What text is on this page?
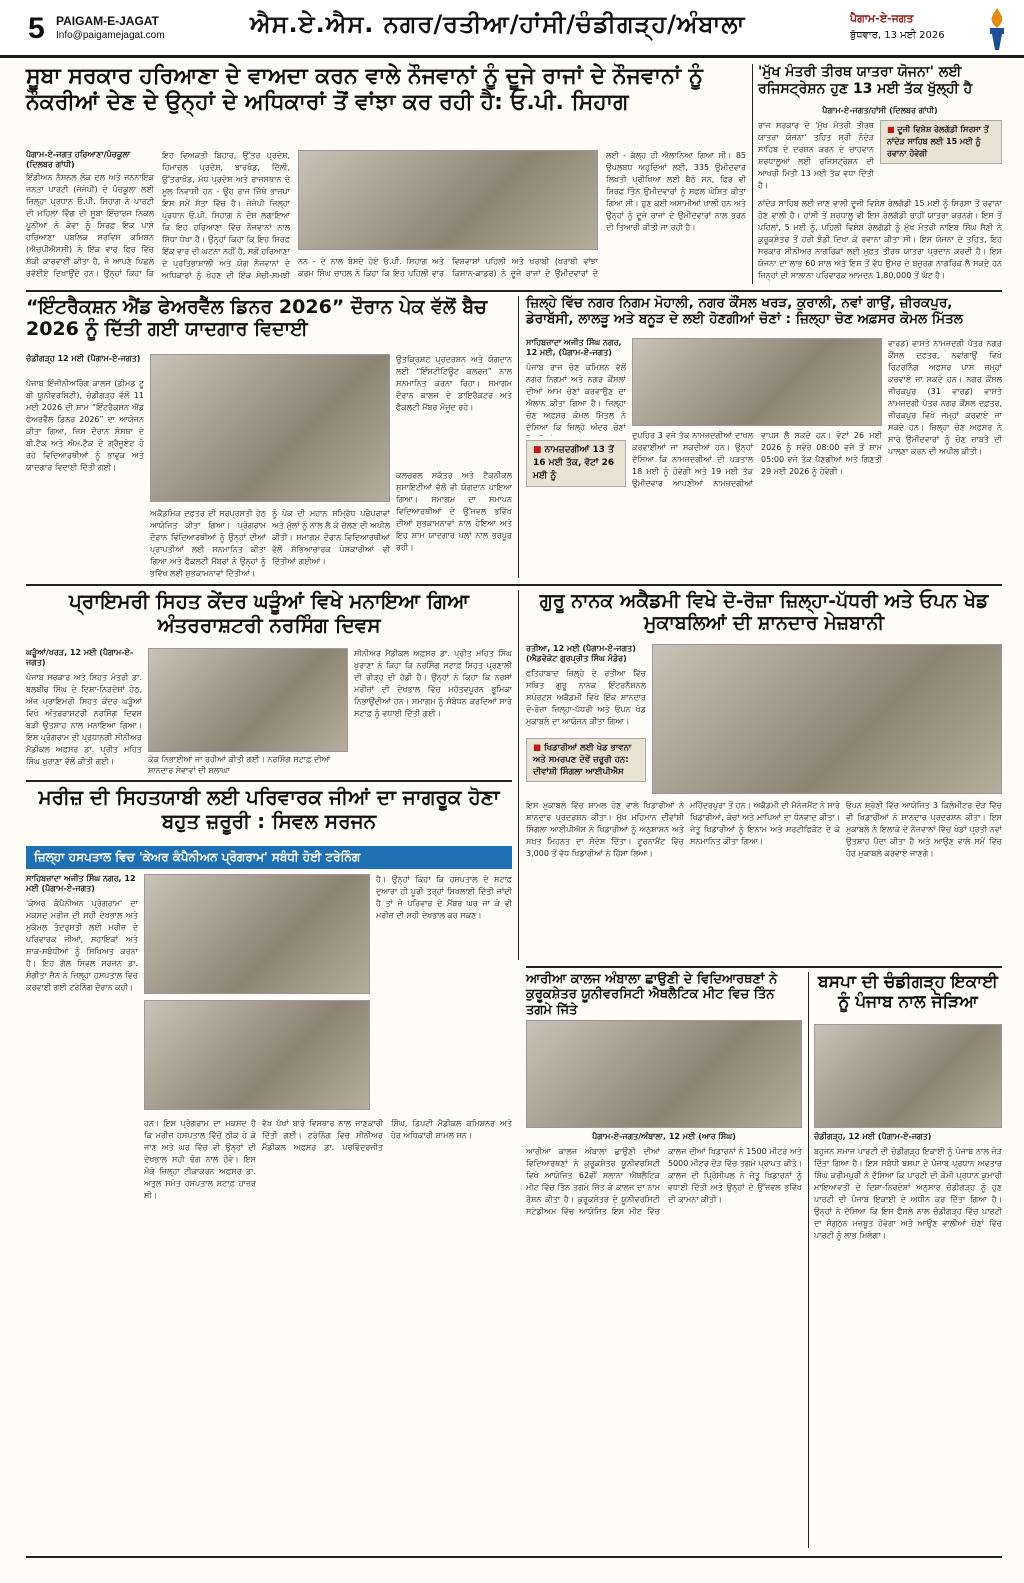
5 PAIGAM-E-JAGAT
Info@paigamejagat.com	ਐਸ.ਏ.ਐਸ. ਨਗਰ/ਰਤੀਆ/ਹਾਂਸੀ/ਚੰਡੀਗੜ੍ਹ/ਅੰਬਾਲਾ	ਪੈਗਾਮ-ਏ-ਜਗਤ
ਬੁੱਧਵਾਰ, 13 ਮਈ 2026
ਸੂਬਾ ਸਰਕਾਰ ਹਰਿਆਣਾ ਦੇ ਵਾਅਦਾ ਕਰਨ ਵਾਲੇ ਨੌਜਵਾਨਾਂ ਨੂੰ ਦੂਜੇ ਰਾਜਾਂ ਦੇ ਨੌਜਵਾਨਾਂ ਨੂੰ ਨੌਕਰੀਆਂ ਦੇਣ ਦੇ ਉਨ੍ਹਾਂ ਦੇ ਅਧਿਕਾਰਾਂ ਤੋਂ ਵਾਂਝਾ ਕਰ ਰਹੀ ਹੈ: ਓ.ਪੀ. ਸਿਹਾਗ
ਪੈਗਾਮ-ਏ-ਜਗਤ ਹਰਿਆਣਾ/ਪੰਚਕੂਲਾ (ਦਿਲਬਰ ਗਾਂਧੀ)
ਇੰਡੀਅਨ ਨੈਸ਼ਨਲ ਲੋਕ ਦਲ ਅਤੇ ਜਨਨਾਇਕ ਜਨਤਾ ਪਾਰਟੀ (ਜੇਜੇਪੀ) ਦੇ ਪੰਚਕੂਲਾ ਲਈ ਜ਼ਿਲ੍ਹਾ ਪ੍ਰਧਾਨ ਓ.ਪੀ. ਸਿਹਾਗ ਨੇ ਪਾਰਟੀ ਦੀ ਮਹਿਲਾ ਵਿੰਗ ਦੀ ਸੂਬਾ ਇੰਚਾਰਜ ਨਿਕਲ ਪੂਨੀਆ ਨੇ ਕੋਵਾ ਨੂੰ ਸਿਰਫ਼ ਇਕ ਪਾਸੇ ਹਰਿਆਣਾ ਪਬਲਿਕ ਸਰਵਿਸ ਕਮਿਸ਼ਨ (ਐਚਪੀਐਸਸੀ) ਨੇ ਇੱਕ ਵਾਰ ਫਿਰ ਵਿੱਚ ਸ਼ੱਕੀ ਕਾਰਵਾਈ ਕੀਤਾ ਹੈ, ਜੋ ਆਪਣੇ ਪਿਛਲੇ ਰਵੱਈਏ ਦਿਖਾਉਂਦੇ ਹਨ। ਉਨ੍ਹਾਂ ਕਿਹਾ ਕਿ
ਇਹ ਵਿਅਕਤੀ ਬਿਹਾਰ, ਉੱਤਰ ਪ੍ਰਦੇਸ਼, ਹਿਮਾਚਲ ਪ੍ਰਦੇਸ਼, ਝਾਰਖੰਡ, ਦਿੱਲੀ, ਉੱਤਰਾਖੰਡ, ਮੱਧ ਪ੍ਰਦੇਸ਼ ਅਤੇ ਰਾਜਸਥਾਨ ਦੇ ਮੂਲ ਨਿਵਾਸੀ ਹਨ - ਉਹ ਰਾਜ ਜਿੱਥੇ ਭਾਜਪਾ ਇਸ ਸਮੇਂ ਸੱਤਾ ਵਿੱਚ ਹੈ। ਜੇਜੇਪੀ ਜ਼ਿਲ੍ਹਾ ਪ੍ਰਧਾਨ ਓ.ਪੀ. ਸਿਹਾਗ ਨੇ ਦੋਸ਼ ਲਗਾਇਆ ਕਿ ਇਹ ਹਰਿਆਣਾ ਵਿੱਚ ਨੌਜਵਾਨਾਂ ਨਾਲ ਸਿੱਧਾ ਧੋਖਾ ਹੈ। ਉਨ੍ਹਾਂ ਕਿਹਾ ਕਿ ਇਹ ਸਿਰਫ਼ ਇੱਕ ਵਾਰ ਦੀ ਘਟਨਾ ਨਹੀਂ ਹੈ, ਸਗੋਂ ਹਰਿਆਣਾ ਦੇ ਪ੍ਰਤਿਭਾਸ਼ਾਲੀ ਅਤੇ ਯੋਗ ਨੌਜਵਾਨਾਂ ਦੇ ਅਧਿਕਾਰਾਂ ਨੂੰ ਖੋਹਣ ਦੀ ਇੱਕ ਸੋਚੀ-ਸਮਝੀ
ਨਨ - ਦੇ ਨਾਲ ਬੇਸਦੇ ਹੋਏ ਓ.ਪੀ. ਸਿਹਾਗ ਅਤੇ ਕਰਮ ਸਿੰਘ ਚਾਹਲ ਨੇ ਕਿਹਾ ਕਿ ਇਹ ਪਹਿਲੀ ਵਾਰ
ਵਿਸ਼ਵਾਸ਼ਾਂ ਪਹਿਲੀ ਅਤੇ ਖਰਾਬੀ (ਖਰਾਬੀ ਵਾਂਝਾ ਕਿਸਾਨ-ਕਾਡਰ) ਨੇ ਦੂਜੇ ਰਾਜਾਂ ਦੇ ਉਮੀਦਵਾਰਾਂ ਦੇ
ਲਈ - ਕੱਲ੍ਹ ਹੀ ਐਲਾਨਿਆ ਗਿਆ ਸੀ। 85 ਉਪਲਬਧ ਅਹੁਦਿਆਂ ਲਈ, 335 ਉਮੀਦਵਾਰ ਲਿਖਤੀ ਪ੍ਰੀਖਿਆ ਲਈ ਬੈਠੇ ਸਨ, ਫਿਰ ਵੀ ਸਿਰਫ਼ ਤਿੰਨ ਉਮੀਦਵਾਰਾਂ ਨੂੰ ਸਫਲ ਘੋਸ਼ਿਤ ਕੀਤਾ ਗਿਆ ਸੀ। ਹੁਣ ਕਈ ਅਸਾਮੀਆਂ ਖਾਲੀ ਹਨ ਅਤੇ ਉਨ੍ਹਾਂ ਨੂੰ ਦੂਜੇ ਰਾਜਾਂ ਦੇ ਉਮੀਦਵਾਰਾਂ ਨਾਲ ਭਰਨ ਦੀ ਤਿਆਰੀ ਕੀਤੀ ਜਾ ਰਹੀ ਹੈ।
'ਮੁੱਖ ਮੰਤਰੀ ਤੀਰਥ ਯਾਤਰਾ ਯੋਜਨਾ' ਲਈ ਰਜਿਸਟ੍ਰੇਸ਼ਨ ਹੁਣ 13 ਮਈ ਤੱਕ ਖੁੱਲ੍ਹੀ ਹੈ
ਪੈਗਾਮ-ਏ-ਜਗਤ/ਹਾਂਸੀ (ਦਿਲਬਰ ਗਾਂਧੀ)
ਰਾਜ ਸਰਕਾਰ ਦੇ 'ਮੁੱਖ ਮੰਤਰੀ ਤੀਰਥ ਯਾਤਰਾ ਯੋਜਨਾ' ਤਹਿਤ ਸ੍ਰੀ ਨੰਦੇੜ ਸਾਹਿਬ ਦੇ ਦਰਸ਼ਨ ਕਰਨ ਦੇ ਚਾਹਵਾਨ ਸ਼ਰਧਾਲੂਆਂ ਲਈ ਰਜਿਸਟ੍ਰੇਸ਼ਨ ਦੀ ਆਖਰੀ ਮਿਤੀ 13 ਮਈ ਤੱਕ ਵਧਾ ਦਿੱਤੀ ਹੈ।
■ ਦੂਜੀ ਵਿਸ਼ੇਸ਼ ਰੇਲਗੱਡੀ ਸਿਰਸਾ ਤੋਂ ਨਾਂਦੇੜ ਸਾਹਿਬ ਲਈ 15 ਮਈ ਨੂੰ ਰਵਾਨਾ ਹੋਵੇਗੀ
ਨਾਂਦੇੜ ਸਾਹਿਬ ਲਈ ਜਾਣ ਵਾਲੀ ਦੂਜੀ ਵਿਸ਼ੇਸ਼ ਰੇਲਗੱਡੀ 15 ਮਈ ਨੂੰ ਸਿਰਸਾ ਤੋਂ ਰਵਾਨਾ ਹੋਣ ਵਾਲੀ ਹੈ। ਹਾਂਸੀ ਤੋਂ ਸ਼ਰਧਾਲੂ ਵੀ ਇਸ ਰੇਲਗੱਡੀ ਰਾਹੀਂ ਯਾਤਰਾ ਕਰਨਗੇ। ਇਸ ਤੋਂ ਪਹਿਲਾਂ, 5 ਮਈ ਨੂੰ, ਪਹਿਲੀ ਵਿਸ਼ੇਸ਼ ਰੇਲਗੱਡੀ ਨੂੰ ਮੁੱਖ ਮੰਤਰੀ ਨਾਇਬ ਸਿੰਘ ਸੈਣੀ ਨੇ ਕੁਰੂਕਸ਼ੇਤਰ ਤੋਂ ਹਰੀ ਝੰਡੀ ਦਿਖਾ ਕੇ ਰਵਾਨਾ ਕੀਤਾ ਸੀ। ਇਸ ਯੋਜਨਾ ਦੇ ਤਹਿਤ, ਇਹ ਸਰਕਾਰ ਸੀਨੀਅਰ ਨਾਗਰਿਕਾਂ ਲਈ ਮੁਫ਼ਤ ਤੀਰਥ ਯਾਤਰਾ ਪ੍ਰਦਾਨ ਕਰਦੀ ਹੈ। ਇਸ ਯੋਜਨਾ ਦਾ ਲਾਭ 60 ਸਾਲ ਅਤੇ ਇਸ ਤੋਂ ਵੱਧ ਉਮਰ ਦੇ ਬਜ਼ੁਰਗ ਨਾਗਰਿਕ ਲੈ ਸਕਦੇ ਹਨ ਜਿਨ੍ਹਾਂ ਦੀ ਸਾਲਾਨਾ ਪਰਿਵਾਰਕ ਆਮਦਨ 1,80,000 ਤੋਂ ਘੱਟ ਹੈ।
“ਇੰਟਰੈਕਸ਼ਨ ਐਂਡ ਫੇਅਰਵੈੱਲ ਡਿਨਰ 2026” ਦੌਰਾਨ ਪੇਕ ਵੱਲੋਂ ਬੈਚ 2026 ਨੂੰ ਦਿੱਤੀ ਗਈ ਯਾਦਗਾਰ ਵਿਦਾਈ
ਚੰਡੀਗੜ੍ਹ 12 ਮਈ (ਪੈਗਾਮ-ਏ-ਜਗਤ)
ਪੰਜਾਬ ਇੰਜੀਨੀਅਰਿੰਗ ਕਾਲਜ (ਡੀਮਡ ਟੂ ਬੀ ਯੂਨੀਵਰਸਿਟੀ), ਚੰਡੀਗੜ੍ਹ ਵੱਲੋਂ 11 ਮਈ 2026 ਦੀ ਸ਼ਾਮ “ਇੰਟਰੈਕਸ਼ਨ ਐਂਡ ਫੇਅਰਵੈੱਲ ਡਿਨਰ 2026” ਦਾ ਆਯੋਜਨ ਕੀਤਾ ਗਿਆ, ਜਿਸ ਦੌਰਾਨ ਸੰਸਥਾ ਦੇ ਬੀ.ਟੈਕ ਅਤੇ ਐਮ.ਟੈਕ ਦੇ ਗ੍ਰੈਜੂਏਟ ਹੋ ਰਹੇ ਵਿਦਿਆਰਥੀਆਂ ਨੂੰ ਭਾਵੁਕ ਅਤੇ ਯਾਦਗਾਰ ਵਿਦਾਈ ਦਿੱਤੀ ਗਈ।
ਅਕੈਡਮਿਕ ਦਫ਼ਤਰ ਦੀ ਸਰਪ੍ਰਸਤੀ ਹੇਠ ਆਯੋਜਿਤ ਕੀਤਾ ਗਿਆ। ਪ੍ਰੋਗਰਾਮ ਦੌਰਾਨ ਵਿਦਿਆਰਥੀਆਂ ਨੂੰ ਉਨ੍ਹਾਂ ਦੀਆਂ ਪ੍ਰਾਪਤੀਆਂ ਲਈ ਸਨਮਾਨਿਤ ਕੀਤਾ ਗਿਆ ਅਤੇ ਫੈਕਲਟੀ ਮੈਂਬਰਾਂ ਨੇ ਉਨ੍ਹਾਂ ਨੂੰ ਭਵਿੱਖ ਲਈ ਸ਼ੁਭਕਾਮਨਾਵਾਂ ਦਿੱਤੀਆਂ।
ਨੂੰ ਪੇਕ ਦੀ ਮਹਾਨ ਸਮ੍ਰਿੱਧ ਪਰੰਪਰਾਵਾਂ ਅਤੇ ਮੁੱਲਾਂ ਨੂੰ ਨਾਲ ਲੈ ਕੇ ਚੱਲਣ ਦੀ ਅਪੀਲ ਕੀਤੀ। ਸਮਾਗਮ ਦੌਰਾਨ ਵਿਦਿਆਰਥੀਆਂ ਵੱਲੋਂ ਸੱਭਿਆਚਾਰਕ ਪੇਸ਼ਕਾਰੀਆਂ ਵੀ ਦਿੱਤੀਆਂ ਗਈਆਂ।
ਉਤਕ੍ਰਿਸ਼ਟ ਪ੍ਰਦਰਸ਼ਨ ਅਤੇ ਯੋਗਦਾਨ ਲਈ “ਇੰਸਟੀਟਿਊਟ ਕਲਰਜ਼” ਨਾਲ ਸਨਮਾਨਿਤ ਕਰਨਾ ਰਿਹਾ। ਸਮਾਗਮ ਦੌਰਾਨ ਕਾਲਜ ਦੇ ਡਾਇਰੈਕਟਰ ਅਤੇ ਫੈਕਲਟੀ ਮੈਂਬਰ ਮੌਜੂਦ ਰਹੇ।
ਕਲਚਰਲ ਸਕੱਤਰ ਅਤੇ ਟੈਕਨੀਕਲ ਸੁਸਾਇਟੀਆਂ ਵੱਲੋਂ ਵੀ ਯੋਗਦਾਨ ਪਾਇਆ ਗਿਆ। ਸਮਾਗਮ ਦਾ ਸਮਾਪਨ ਵਿਦਿਆਰਥੀਆਂ ਦੇ ਉੱਜਵਲ ਭਵਿੱਖ ਦੀਆਂ ਸ਼ੁਭਕਾਮਨਾਵਾਂ ਨਾਲ ਹੋਇਆ ਅਤੇ ਇਹ ਸ਼ਾਮ ਯਾਦਗਾਰ ਪਲਾਂ ਨਾਲ ਭਰਪੂਰ ਰਹੀ।
ਜ਼ਿਲ੍ਹੇ ਵਿੱਚ ਨਗਰ ਨਿਗਮ ਮੋਹਾਲੀ, ਨਗਰ ਕੌਂਸਲ ਖਰੜ, ਕੁਰਾਲੀ, ਨਵਾਂ ਗਾਉਂ, ਜ਼ੀਰਕਪੁਰ, ਡੇਰਾਬੱਸੀ, ਲਾਲੜੂ ਅਤੇ ਬਨੂੜ ਦੇ ਲਈ ਹੋਣਗੀਆਂ ਚੋਣਾਂ : ਜ਼ਿਲ੍ਹਾ ਚੋਣ ਅਫ਼ਸਰ ਕੋਮਲ ਮਿੱਤਲ
ਸਾਹਿਬਜ਼ਾਦਾ ਅਜੀਤ ਸਿੰਘ ਨਗਰ, 12 ਮਈ, (ਪੈਗਾਮ-ਏ-ਜਗਤ)
ਪੰਜਾਬ ਰਾਜ ਚੋਣ ਕਮਿਸ਼ਨ ਵੱਲੋਂ ਨਗਰ ਨਿਗਮਾਂ ਅਤੇ ਨਗਰ ਕੌਂਸਲਾਂ ਦੀਆਂ ਆਮ ਚੋਣਾਂ ਕਰਵਾਉਣ ਦਾ ਐਲਾਨ ਕੀਤਾ ਗਿਆ ਹੈ। ਜ਼ਿਲ੍ਹਾ ਚੋਣ ਅਫ਼ਸਰ ਕੋਮਲ ਮਿੱਤਲ ਨੇ ਦੱਸਿਆ ਕਿ ਜ਼ਿਲ੍ਹੇ ਅੰਦਰ ਚੋਣਾਂ
■ ਨਾਮਜ਼ਦਗੀਆਂ 13 ਤੋਂ 16 ਮਈ ਤੱਕ, ਵੋਟਾਂ 26 ਮਈ ਨੂੰ
ਦੁਪਹਿਰ 3 ਵਜੇ ਤੱਕ ਨਾਮਜ਼ਦਗੀਆਂ ਦਾਖਲ ਕਰਵਾਈਆਂ ਜਾ ਸਕਦੀਆਂ ਹਨ। ਉਨ੍ਹਾਂ ਦੱਸਿਆ ਕਿ ਨਾਮਜ਼ਦਗੀਆਂ ਦੀ ਪੜਤਾਲ 18 ਮਈ ਨੂੰ ਹੋਵੇਗੀ ਅਤੇ 19 ਮਈ ਤੱਕ ਉਮੀਦਵਾਰ ਆਪਣੀਆਂ ਨਾਮਜ਼ਦਗੀਆਂ ਵਾਪਸ ਲੈ ਸਕਦੇ ਹਨ। ਵੋਟਾਂ 26 ਮਈ 2026 ਨੂੰ ਸਵੇਰੇ 08:00 ਵਜੇ ਤੋਂ ਸ਼ਾਮ 05:00 ਵਜੇ ਤੱਕ ਪੈਣਗੀਆਂ ਅਤੇ ਗਿਣਤੀ 29 ਮਈ 2026 ਨੂੰ ਹੋਵੇਗੀ।
ਵਾਰਡ) ਵਾਸਤੇ ਨਾਮਜ਼ਦਗੀ ਪੱਤਰ ਨਗਰ ਕੌਂਸਲ ਦਫ਼ਤਰ, ਨਵਾਂਗਾਉਂ ਵਿਖੇ ਰਿਟਰਨਿੰਗ ਅਫ਼ਸਰ ਪਾਸ ਜਮ੍ਹਾਂ ਕਰਵਾਏ ਜਾ ਸਕਦੇ ਹਨ। ਨਗਰ ਕੌਂਸਲ ਜ਼ੀਰਕਪੁਰ (31 ਵਾਰਡ) ਵਾਸਤੇ ਨਾਮਜ਼ਦਗੀ ਪੱਤਰ ਨਗਰ ਕੌਂਸਲ ਦਫ਼ਤਰ, ਜ਼ੀਰਕਪੁਰ ਵਿਖੇ ਜਮ੍ਹਾਂ ਕਰਵਾਏ ਜਾ ਸਕਦੇ ਹਨ। ਜ਼ਿਲ੍ਹਾ ਚੋਣ ਅਫ਼ਸਰ ਨੇ ਸਾਰੇ ਉਮੀਦਵਾਰਾਂ ਨੂੰ ਚੋਣ ਜ਼ਾਬਤੇ ਦੀ ਪਾਲਣਾ ਕਰਨ ਦੀ ਅਪੀਲ ਕੀਤੀ।
ਪ੍ਰਾਇਮਰੀ ਸਿਹਤ ਕੇਂਦਰ ਘੜੂੰਆਂ ਵਿਖੇ ਮਨਾਇਆ ਗਿਆ ਅੰਤਰਰਾਸ਼ਟਰੀ ਨਰਸਿੰਗ ਦਿਵਸ
ਘੜੂੰਆਂ/ਖਰੜ, 12 ਮਈ (ਪੈਗਾਮ-ਏ-ਜਗਤ)
ਪੰਜਾਬ ਸਰਕਾਰ ਅਤੇ ਸਿਹਤ ਮੰਤਰੀ ਡਾ. ਬਲਬੀਰ ਸਿੰਘ ਦੇ ਦਿਸ਼ਾ-ਨਿਰਦੇਸ਼ਾਂ ਹੇਠ, ਅੱਜ ਪ੍ਰਾਇਮਰੀ ਸਿਹਤ ਕੇਂਦਰ ਘੜੂੰਆਂ ਵਿਖੇ ਅੰਤਰਰਾਸ਼ਟਰੀ ਨਰਸਿੰਗ ਦਿਵਸ ਬੜੀ ਉਤਸ਼ਾਹ ਨਾਲ ਮਨਾਇਆ ਗਿਆ। ਇਸ ਪ੍ਰੋਗਰਾਮ ਦੀ ਪ੍ਰਧਾਨਗੀ ਸੀਨੀਅਰ ਮੈਡੀਕਲ ਅਫ਼ਸਰ ਡਾ. ਪ੍ਰੀਤ ਮਹਿਤ ਸਿੰਘ ਖੁਰਾਣਾ ਵੱਲੋਂ ਕੀਤੀ ਗਈ।	ਕੇਕ ਨਿਭਾਈਆਂ ਜਾ ਰਹੀਆਂ ਕੀਤੀ ਗਈ। ਨਰਸਿੰਗ ਸਟਾਫ਼ ਦੀਆਂ ਸ਼ਾਨਦਾਰ ਸੇਵਾਵਾਂ ਦੀ ਸ਼ਲਾਘਾ
ਸੀਨੀਅਰ ਮੈਡੀਕਲ ਅਫ਼ਸਰ ਡਾ. ਪ੍ਰੀਤ ਮਹਿਤ ਸਿੰਘ ਖੁਰਾਣਾ ਨੇ ਕਿਹਾ ਕਿ ਨਰਸਿੰਗ ਸਟਾਫ਼ ਸਿਹਤ ਪ੍ਰਣਾਲੀ ਦੀ ਰੀੜ੍ਹ ਦੀ ਹੱਡੀ ਹੈ। ਉਨ੍ਹਾਂ ਨੇ ਕਿਹਾ ਕਿ ਨਰਸਾਂ ਮਰੀਜ਼ਾਂ ਦੀ ਦੇਖਭਾਲ ਵਿੱਚ ਮਹੱਤਵਪੂਰਨ ਭੂਮਿਕਾ ਨਿਭਾਉਂਦੀਆਂ ਹਨ। ਸਮਾਗਮ ਨੂੰ ਸੰਬੋਧਨ ਕਰਦਿਆਂ ਸਾਰੇ ਸਟਾਫ਼ ਨੂੰ ਵਧਾਈ ਦਿੱਤੀ ਗਈ।
ਗੁਰੂ ਨਾਨਕ ਅਕੈਡਮੀ ਵਿਖੇ ਦੋ-ਰੋਜ਼ਾ ਜ਼ਿਲ੍ਹਾ-ਪੱਧਰੀ ਅਤੇ ਓਪਨ ਖੇਡ ਮੁਕਾਬਲਿਆਂ ਦੀ ਸ਼ਾਨਦਾਰ ਮੇਜ਼ਬਾਨੀ
ਰਤੀਆ, 12 ਮਈ (ਪੈਗਾਮ-ਏ-ਜਗਤ) (ਐਡਵੋਕੇਟ ਗੁਰਪ੍ਰੀਤ ਸਿੰਘ ਮੰਡੇਰ)
ਫਤਿਹਾਬਾਦ ਜ਼ਿਲ੍ਹੇ ਦੇ ਰਤੀਆ ਵਿੱਚ ਸਥਿਤ ਗੁਰੂ ਨਾਨਕ ਇੰਟਰਨੈਸ਼ਨਲ ਸਪੋਰਟਸ ਅਕੈਡਮੀ ਵਿਖੇ ਇੱਕ ਸ਼ਾਨਦਾਰ ਦੋ-ਰੋਜ਼ਾ ਜ਼ਿਲ੍ਹਾ-ਪੱਧਰੀ ਅਤੇ ਓਪਨ ਖੇਡ ਮੁਕਾਬਲੇ ਦਾ ਆਯੋਜਨ ਕੀਤਾ ਗਿਆ।
■ ਖਿਡਾਰੀਆਂ ਲਈ ਖੇਡ ਭਾਵਨਾ ਅਤੇ ਸਮਰਪਣ ਦੋਵੇਂ ਜ਼ਰੂਰੀ ਹਨ: ਦੀਵਾਂਸ਼ੀ ਸਿੰਗਲਾ ਆਈਪੀਐਸ
ਇਸ ਮੁਕਾਬਲੇ ਵਿੱਚ ਸ਼ਾਮਲ ਹੋਣ ਵਾਲੇ ਖਿਡਾਰੀਆਂ ਨੇ ਸ਼ਾਨਦਾਰ ਪ੍ਰਦਰਸ਼ਨ ਕੀਤਾ। ਮੁੱਖ ਮਹਿਮਾਨ ਦੀਵਾਂਸ਼ੀ ਸਿੰਗਲਾ ਆਈਪੀਐਸ ਨੇ ਖਿਡਾਰੀਆਂ ਨੂੰ ਅਨੁਸ਼ਾਸਨ ਅਤੇ ਸਖ਼ਤ ਮਿਹਨਤ ਦਾ ਸੰਦੇਸ਼ ਦਿੱਤਾ। ਟੂਰਨਾਮੈਂਟ ਵਿੱਚ 3,000 ਤੋਂ ਵੱਧ ਖਿਡਾਰੀਆਂ ਨੇ ਹਿੱਸਾ ਲਿਆ।
ਮਹਿੰਦਰਪੁਰਾ ਤੋਂ ਹਨ। ਅਕੈਡਮੀ ਦੀ ਮੈਨੇਜਮੈਂਟ ਨੇ ਸਾਰੇ ਖਿਡਾਰੀਆਂ, ਕੋਚਾਂ ਅਤੇ ਮਾਪਿਆਂ ਦਾ ਧੰਨਵਾਦ ਕੀਤਾ। ਜੇਤੂ ਖਿਡਾਰੀਆਂ ਨੂੰ ਇਨਾਮ ਅਤੇ ਸਰਟੀਫਿਕੇਟ ਦੇ ਕੇ ਸਨਮਾਨਿਤ ਕੀਤਾ ਗਿਆ।
ਓਪਨ ਸ਼੍ਰੇਣੀ ਵਿੱਚ ਆਯੋਜਿਤ 3 ਕਿਲੋਮੀਟਰ ਦੌੜ ਵਿੱਚ ਵੀ ਖਿਡਾਰੀਆਂ ਨੇ ਸ਼ਾਨਦਾਰ ਪ੍ਰਦਰਸ਼ਨ ਕੀਤਾ। ਇਸ ਮੁਕਾਬਲੇ ਨੇ ਇਲਾਕੇ ਦੇ ਨੌਜਵਾਨਾਂ ਵਿੱਚ ਖੇਡਾਂ ਪ੍ਰਤੀ ਨਵਾਂ ਉਤਸ਼ਾਹ ਪੈਦਾ ਕੀਤਾ ਹੈ ਅਤੇ ਆਉਣ ਵਾਲੇ ਸਮੇਂ ਵਿੱਚ ਹੋਰ ਮੁਕਾਬਲੇ ਕਰਵਾਏ ਜਾਣਗੇ।
ਮਰੀਜ਼ ਦੀ ਸਿਹਤਯਾਬੀ ਲਈ ਪਰਿਵਾਰਕ ਜੀਆਂ ਦਾ ਜਾਗਰੂਕ ਹੋਣਾ ਬਹੁਤ ਜ਼ਰੂਰੀ : ਸਿਵਲ ਸਰਜਨ
ਜ਼ਿਲ੍ਹਾ ਹਸਪਤਾਲ ਵਿਚ 'ਕੇਅਰ ਕੰਪੈਨੀਅਨ ਪ੍ਰੋਗਰਾਮ' ਸਬੰਧੀ ਹੋਈ ਟਰੇਨਿੰਗ
ਸਾਹਿਬਜ਼ਾਦਾ ਅਜੀਤ ਸਿੰਘ ਨਗਰ, 12 ਮਈ (ਪੈਗਾਮ-ਏ-ਜਗਤ)
'ਕੇਅਰ ਕੰਪੈਨੀਅਨ ਪ੍ਰੋਗਰਾਮ' ਦਾ ਮਕਸਦ ਮਰੀਜ਼ ਦੀ ਸਹੀ ਦੇਖਭਾਲ ਅਤੇ ਮੁਕੰਮਲ ਤੰਦਰੁਸਤੀ ਲਈ ਮਰੀਜ਼ ਦੇ ਪਰਿਵਾਰਕ ਜੀਆਂ, ਸਹਾਇਕਾਂ ਅਤੇ ਸਾਕ-ਸਬੰਧੀਆਂ ਨੂੰ ਸਿਖਿਅਤ ਕਰਨਾ ਹੈ। ਇਹ ਗੱਲ ਸਿਵਲ ਸਰਜਨ ਡਾ. ਸੰਗੀਤਾ ਜੈਨ ਨੇ ਜ਼ਿਲ੍ਹਾ ਹਸਪਤਾਲ ਵਿਚ ਕਰਵਾਈ ਗਈ ਟਰੇਨਿੰਗ ਦੌਰਾਨ ਕਹੀ।
ਹੈ। ਉਨ੍ਹਾਂ ਕਿਹਾ ਕਿ ਹਸਪਤਾਲ ਦੇ ਸਟਾਫ਼ ਦੁਆਰਾ ਹੀ ਪੂਰੀ ਤਰ੍ਹਾਂ ਸਿਖਲਾਈ ਦਿੱਤੀ ਜਾਂਦੀ ਹੈ ਤਾਂ ਜੋ ਪਰਿਵਾਰ ਦੇ ਮੈਂਬਰ ਘਰ ਜਾ ਕੇ ਵੀ ਮਰੀਜ਼ ਦੀ ਸਹੀ ਦੇਖਭਾਲ ਕਰ ਸਕਣ।
ਹਨ। ਇਸ ਪ੍ਰੋਗਰਾਮ ਦਾ ਮਕਸਦ ਹੈ ਕਿ ਮਰੀਜ਼ ਹਸਪਤਾਲ ਵਿੱਚੋਂ ਠੀਕ ਹੋ ਕੇ ਜਾਣ ਅਤੇ ਘਰ ਵਿੱਚ ਵੀ ਉਨ੍ਹਾਂ ਦੀ ਦੇਖਭਾਲ ਸਹੀ ਢੰਗ ਨਾਲ ਹੋਵੇ। ਇਸ ਮੌਕੇ ਜ਼ਿਲ੍ਹਾ ਟੀਕਾਕਰਨ ਅਫ਼ਸਰ ਡਾ. ਅਤੁਲ ਸਮੇਤ ਹਸਪਤਾਲ ਸਟਾਫ਼ ਹਾਜ਼ਰ ਸੀ।
ਵੱਖ ਪੱਖਾਂ ਬਾਰੇ ਵਿਸਥਾਰ ਨਾਲ ਜਾਣਕਾਰੀ ਦਿੱਤੀ ਗਈ। ਟਰੇਨਿੰਗ ਵਿਚ ਸੀਨੀਅਰ ਮੈਡੀਕਲ ਅਫ਼ਸਰ ਡਾ. ਪਰਵਿੰਦਰਜੀਤ ਸਿੰਘ, ਡਿਪਟੀ ਮੈਡੀਕਲ ਕਮਿਸ਼ਨਰ ਅਤੇ ਹੋਰ ਅਧਿਕਾਰੀ ਸ਼ਾਮਲ ਸਨ।
ਆਰੀਆ ਕਾਲਜ ਅੰਬਾਲਾ ਛਾਉਣੀ ਦੇ ਵਿਦਿਆਰਥਣਾਂ ਨੇ ਕੁਰੂਕਸ਼ੇਤਰ ਯੂਨੀਵਰਸਿਟੀ ਐਥਲੈਟਿਕ ਮੀਟ ਵਿਚ ਤਿੰਨ ਤਗਮੇ ਜਿੱਤੇ
ਪੈਗਾਮ-ਏ-ਜਗਤ/ਅੰਬਾਲਾ, 12 ਮਈ (ਆਰ ਸਿੰਘ)
ਆਰੀਆ ਕਾਲਜ ਅੰਬਾਲਾ ਛਾਉਣੀ ਦੀਆਂ ਵਿਦਿਆਰਥਣਾਂ ਨੇ ਕੁਰੂਕਸ਼ੇਤਰ ਯੂਨੀਵਰਸਿਟੀ ਵਿਖੇ ਆਯੋਜਿਤ 62ਵੀਂ ਸਲਾਨਾ ਐਥਲੈਟਿਕ ਮੀਟ ਵਿੱਚ ਤਿੰਨ ਤਗਮੇ ਜਿੱਤ ਕੇ ਕਾਲਜ ਦਾ ਨਾਮ ਰੌਸ਼ਨ ਕੀਤਾ ਹੈ। ਕੁਰੂਕਸ਼ੇਤਰ ਦੇ ਯੂਨੀਵਰਸਿਟੀ ਸਟੇਡੀਅਮ ਵਿੱਚ ਆਯੋਜਿਤ ਇਸ ਮੀਟ ਵਿੱਚ ਕਾਲਜ ਦੀਆਂ ਖਿਡਾਰਨਾਂ ਨੇ 1500 ਮੀਟਰ ਅਤੇ 5000 ਮੀਟਰ ਦੌੜ ਵਿੱਚ ਤਗਮੇ ਪ੍ਰਾਪਤ ਕੀਤੇ। ਕਾਲਜ ਦੀ ਪ੍ਰਿੰਸੀਪਲ ਨੇ ਜੇਤੂ ਖਿਡਾਰਨਾਂ ਨੂੰ ਵਧਾਈ ਦਿੱਤੀ ਅਤੇ ਉਨ੍ਹਾਂ ਦੇ ਉੱਜਵਲ ਭਵਿੱਖ ਦੀ ਕਾਮਨਾ ਕੀਤੀ।
ਬਸਪਾ ਦੀ ਚੰਡੀਗੜ੍ਹ ਇਕਾਈ ਨੂੰ ਪੰਜਾਬ ਨਾਲ ਜੋੜਿਆ
ਚੰਡੀਗੜ੍ਹ, 12 ਮਈ (ਪੈਗਾਮ-ਏ-ਜਗਤ)
ਬਹੁਜਨ ਸਮਾਜ ਪਾਰਟੀ ਦੀ ਚੰਡੀਗੜ੍ਹ ਇਕਾਈ ਨੂੰ ਪੰਜਾਬ ਨਾਲ ਜੋੜ ਦਿੱਤਾ ਗਿਆ ਹੈ। ਇਸ ਸਬੰਧੀ ਬਸਪਾ ਦੇ ਪੰਜਾਬ ਪ੍ਰਧਾਨ ਅਵਤਾਰ ਸਿੰਘ ਕਰੀਮਪੁਰੀ ਨੇ ਦੱਸਿਆ ਕਿ ਪਾਰਟੀ ਦੀ ਕੌਮੀ ਪ੍ਰਧਾਨ ਕੁਮਾਰੀ ਮਾਇਆਵਤੀ ਦੇ ਦਿਸ਼ਾ-ਨਿਰਦੇਸ਼ਾਂ ਅਨੁਸਾਰ ਚੰਡੀਗੜ੍ਹ ਨੂੰ ਹੁਣ ਪਾਰਟੀ ਦੀ ਪੰਜਾਬ ਇਕਾਈ ਦੇ ਅਧੀਨ ਕਰ ਦਿੱਤਾ ਗਿਆ ਹੈ। ਉਨ੍ਹਾਂ ਨੇ ਦੱਸਿਆ ਕਿ ਇਸ ਫੈਸਲੇ ਨਾਲ ਚੰਡੀਗੜ੍ਹ ਵਿੱਚ ਪਾਰਟੀ ਦਾ ਸੰਗਠਨ ਮਜ਼ਬੂਤ ਹੋਵੇਗਾ ਅਤੇ ਆਉਣ ਵਾਲੀਆਂ ਚੋਣਾਂ ਵਿੱਚ ਪਾਰਟੀ ਨੂੰ ਲਾਭ ਮਿਲੇਗਾ।
